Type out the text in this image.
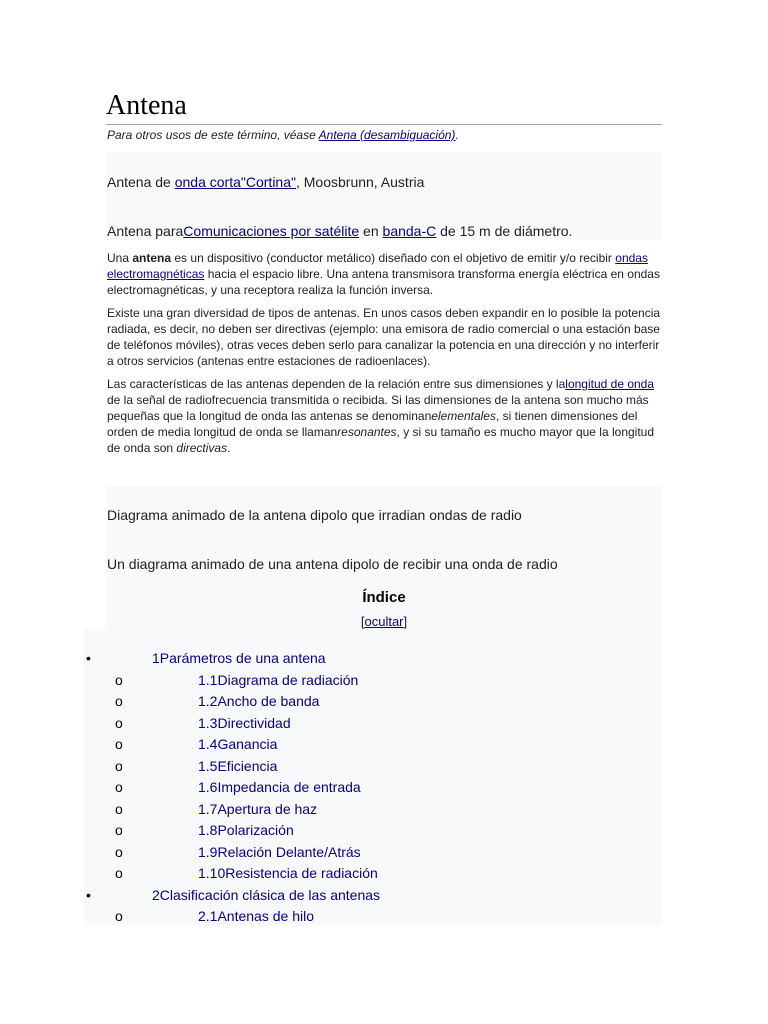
Antena
Para otros usos de este término, véase Antena (desambiguación).
Antena de onda corta"Cortina", Moosbrunn, Austria
Antena paraComunicaciones por satélite en banda-C de 15 m de diámetro.
Una antena es un dispositivo (conductor metálico) diseñado con el objetivo de emitir y/o recibir ondas electromagnéticas hacia el espacio libre. Una antena transmisora transforma energía eléctrica en ondas electromagnéticas, y una receptora realiza la función inversa.
Existe una gran diversidad de tipos de antenas. En unos casos deben expandir en lo posible la potencia radiada, es decir, no deben ser directivas (ejemplo: una emisora de radio comercial o una estación base de teléfonos móviles), otras veces deben serlo para canalizar la potencia en una dirección y no interferir a otros servicios (antenas entre estaciones de radioenlaces).
Las características de las antenas dependen de la relación entre sus dimensiones y lalongitud de onda de la señal de radiofrecuencia transmitida o recibida. Si las dimensiones de la antena son mucho más pequeñas que la longitud de onda las antenas se denominanelementales, si tienen dimensiones del orden de media longitud de onda se llamanresonantes, y si su tamaño es mucho mayor que la longitud de onda son directivas.
Diagrama animado de la antena dipolo que irradian ondas de radio
Un diagrama animado de una antena dipolo de recibir una onda de radio
Índice
[ocultar]
•	1Parámetros de una antena
o	1.1Diagrama de radiación
o	1.2Ancho de banda
o	1.3Directividad
o	1.4Ganancia
o	1.5Eficiencia
o	1.6Impedancia de entrada
o	1.7Apertura de haz
o	1.8Polarización
o	1.9Relación Delante/Atrás
o	1.10Resistencia de radiación
•	2Clasificación clásica de las antenas
o	2.1Antenas de hilo
